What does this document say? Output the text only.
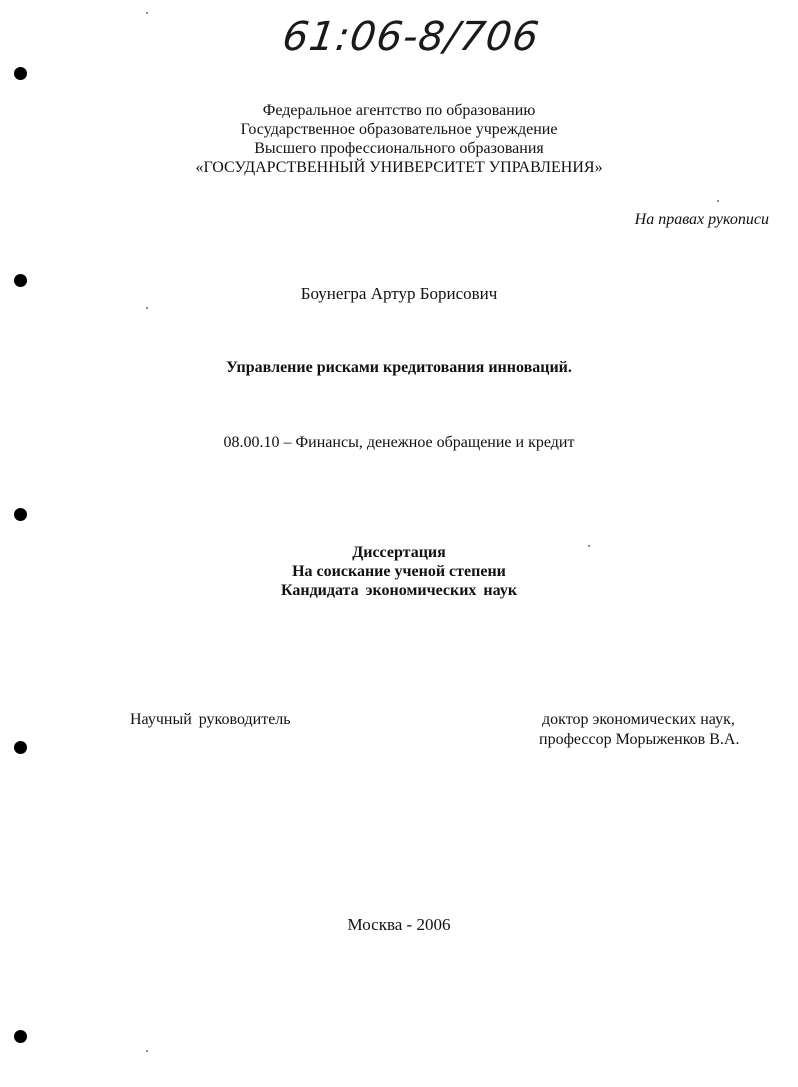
61:06-8/706
Федеральное агентство по образованию
Государственное образовательное учреждение
Высшего профессионального образования
«ГОСУДАРСТВЕННЫЙ УНИВЕРСИТЕТ УПРАВЛЕНИЯ»
На правах рукописи
Боунегра Артур Борисович
Управление рисками кредитования инноваций.
08.00.10 – Финансы, денежное обращение и кредит
Диссертация
На соискание ученой степени
Кандидата экономических наук
Научный руководитель	доктор экономических наук,
профессор Морыженков В.А.
Москва - 2006
